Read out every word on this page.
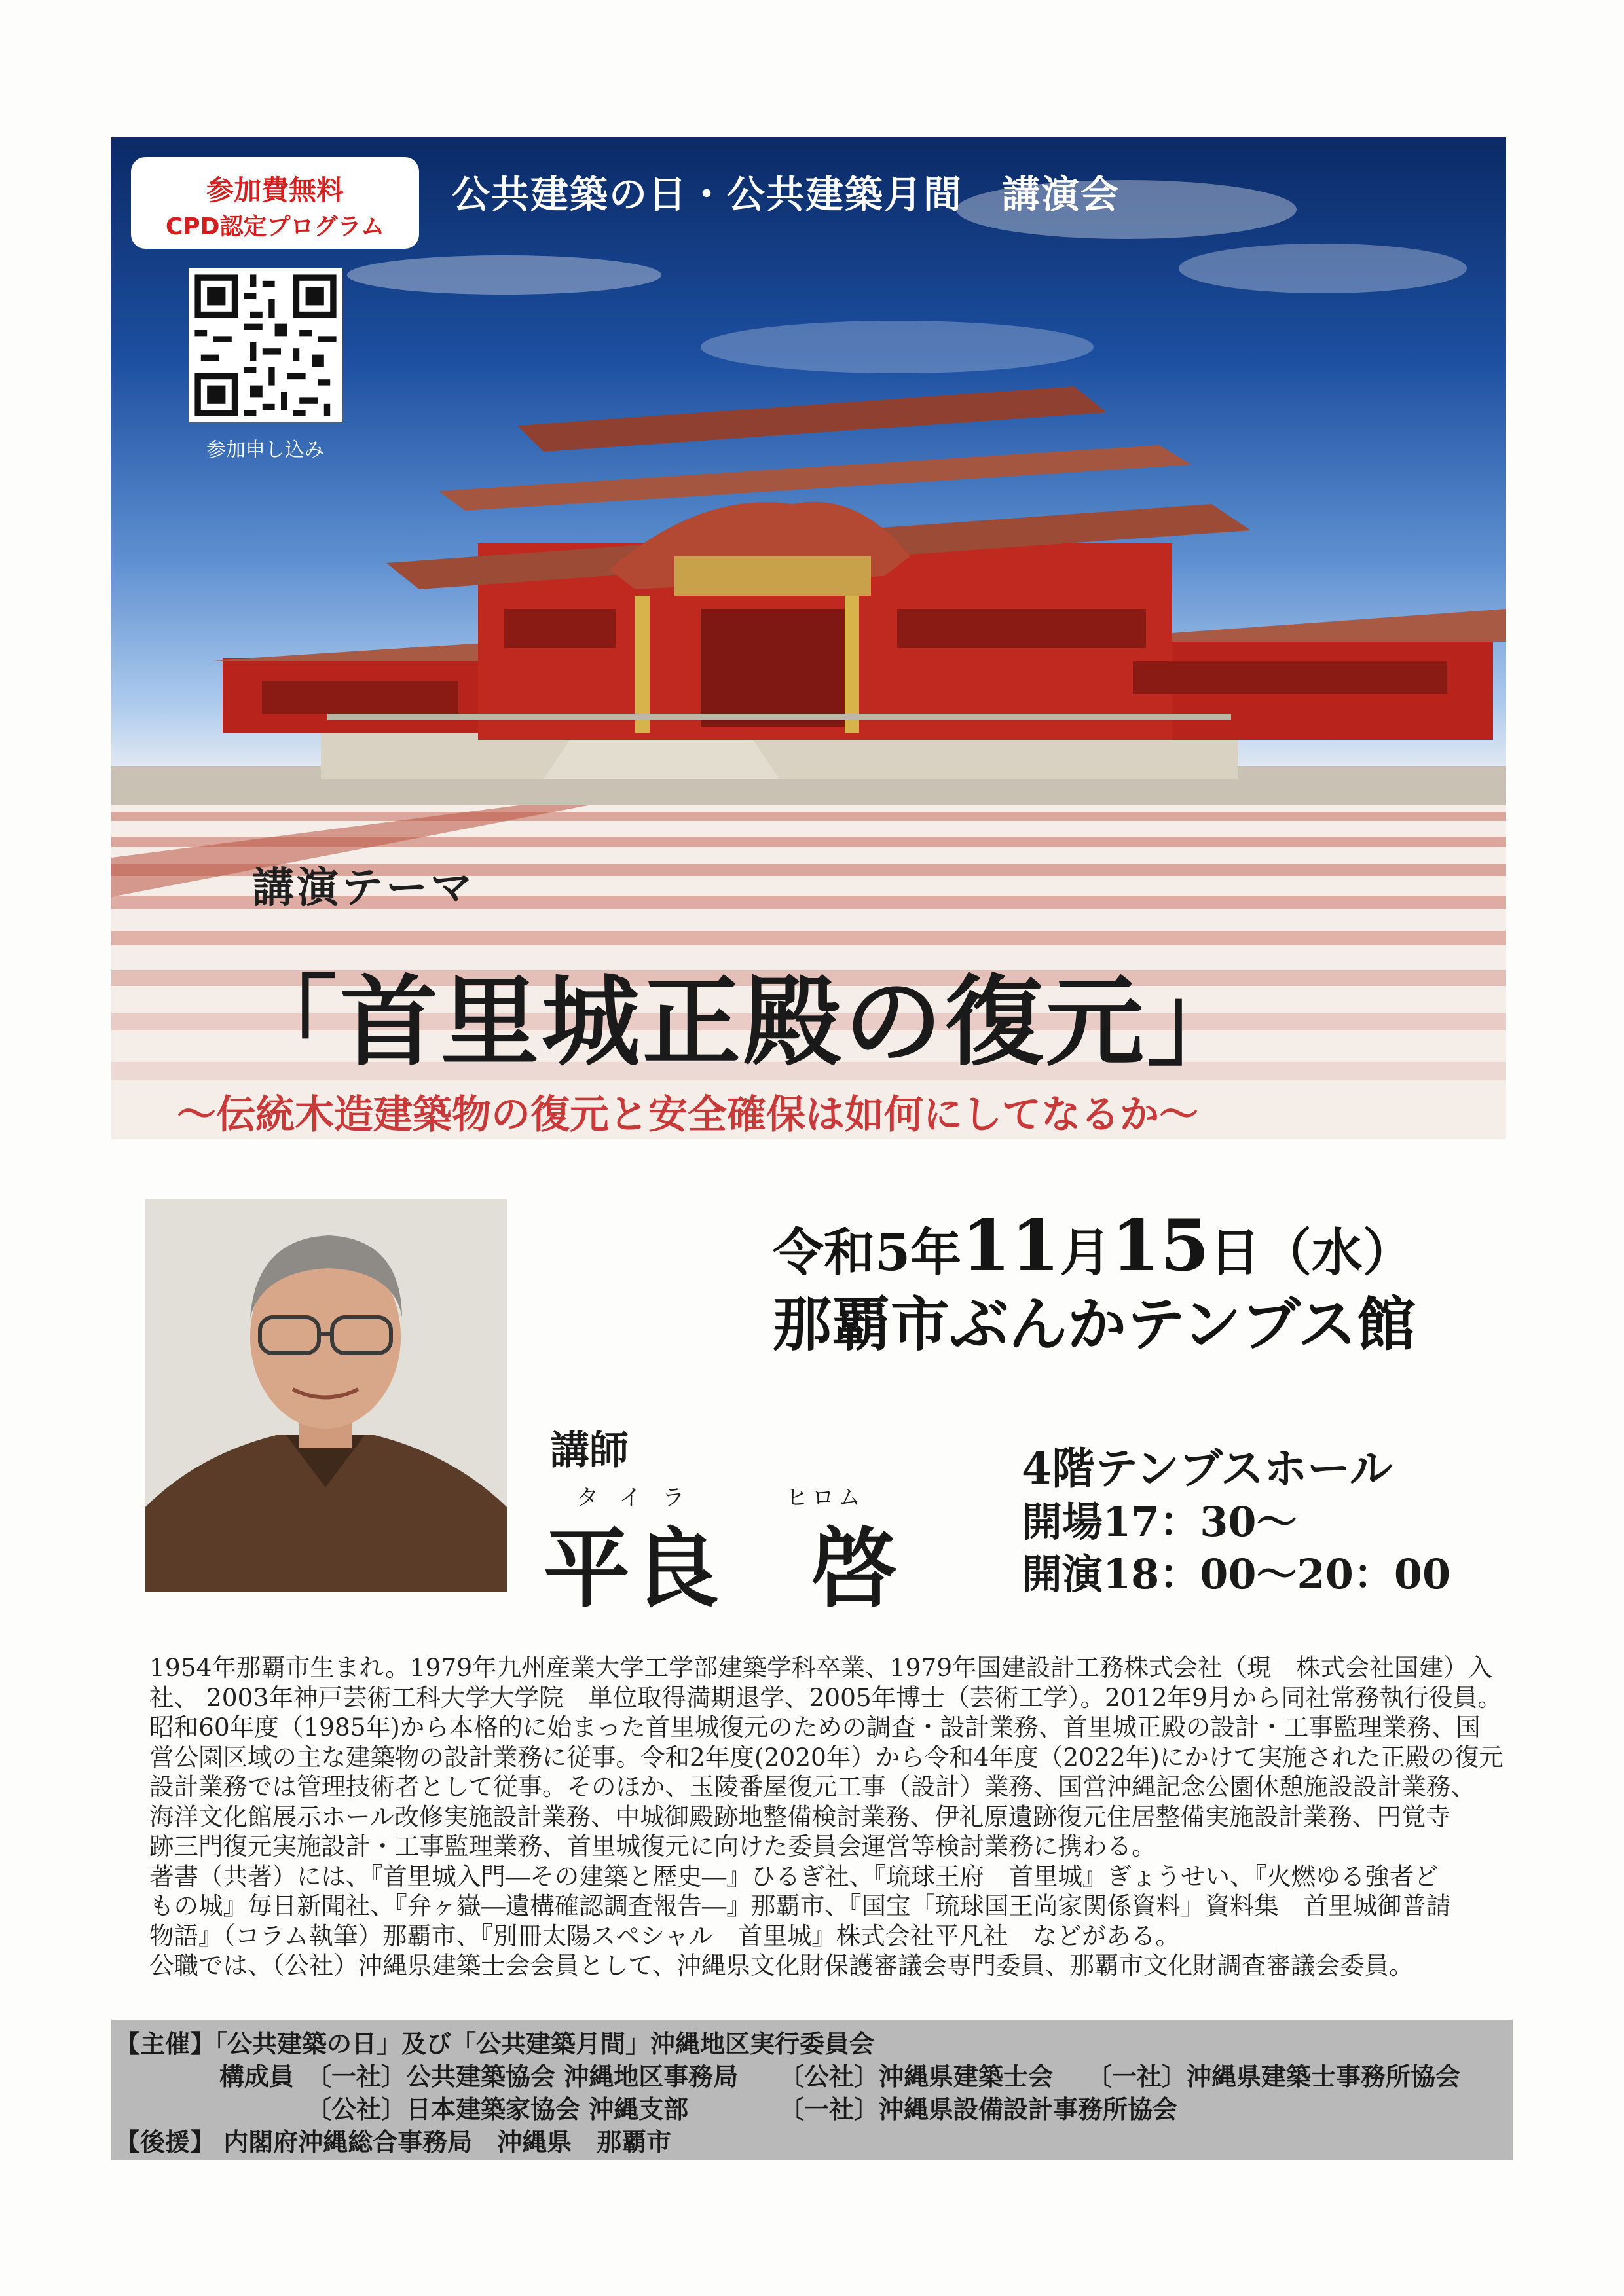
参加費無料
CPD認定プログラム
公共建築の日・公共建築月間　講演会
参加申し込み
講演テーマ
「首里城正殿の復元」
～伝統木造建築物の復元と安全確保は如何にしてなるか～
令和5年11月15日（水）
那覇市ぶんかテンブス館
講師
タイラ	ヒロム
平良　啓
4階テンブスホール
開場17：30～
開演18：00～20：00

1954年那覇市生まれ。1979年九州産業大学工学部建築学科卒業、1979年国建設計工務株式会社（現　株式会社国建）入

社、 2003年神戸芸術工科大学大学院　単位取得満期退学、2005年博士（芸術工学）。2012年9月から同社常務執行役員。

昭和60年度（1985年)から本格的に始まった首里城復元のための調査・設計業務、首里城正殿の設計・工事監理業務、国

営公園区域の主な建築物の設計業務に従事。令和2年度(2020年）から令和4年度（2022年)にかけて実施された正殿の復元

設計業務では管理技術者として従事。そのほか、玉陵番屋復元工事（設計）業務、国営沖縄記念公園休憩施設設計業務、

海洋文化館展示ホール改修実施設計業務、中城御殿跡地整備検討業務、伊礼原遺跡復元住居整備実施設計業務、円覚寺

跡三門復元実施設計・工事監理業務、首里城復元に向けた委員会運営等検討業務に携わる。

著書（共著）には、『首里城入門―その建築と歴史―』ひるぎ社、『琉球王府　首里城』ぎょうせい、『火燃ゆる強者ど

もの城』毎日新聞社、『弁ヶ嶽―遺構確認調査報告―』那覇市、『国宝「琉球国王尚家関係資料」資料集　首里城御普請

物語』（コラム執筆）那覇市、『別冊太陽スペシャル　首里城』株式会社平凡社　などがある。

公職では、（公社）沖縄県建築士会会員として、沖縄県文化財保護審議会専門委員、那覇市文化財調査審議会委員。

【主催】「公共建築の日」及び「公共建築月間」沖縄地区実行委員会
構成員 〔一社〕公共建築協会 沖縄地区事務局 〔公社〕沖縄県建築士会 〔一社〕沖縄県建築士事務所協会
〔公社〕日本建築家協会 沖縄支部	〔一社〕沖縄県設備設計事務所協会
【後援】 内閣府沖縄総合事務局　沖縄県　那覇市
